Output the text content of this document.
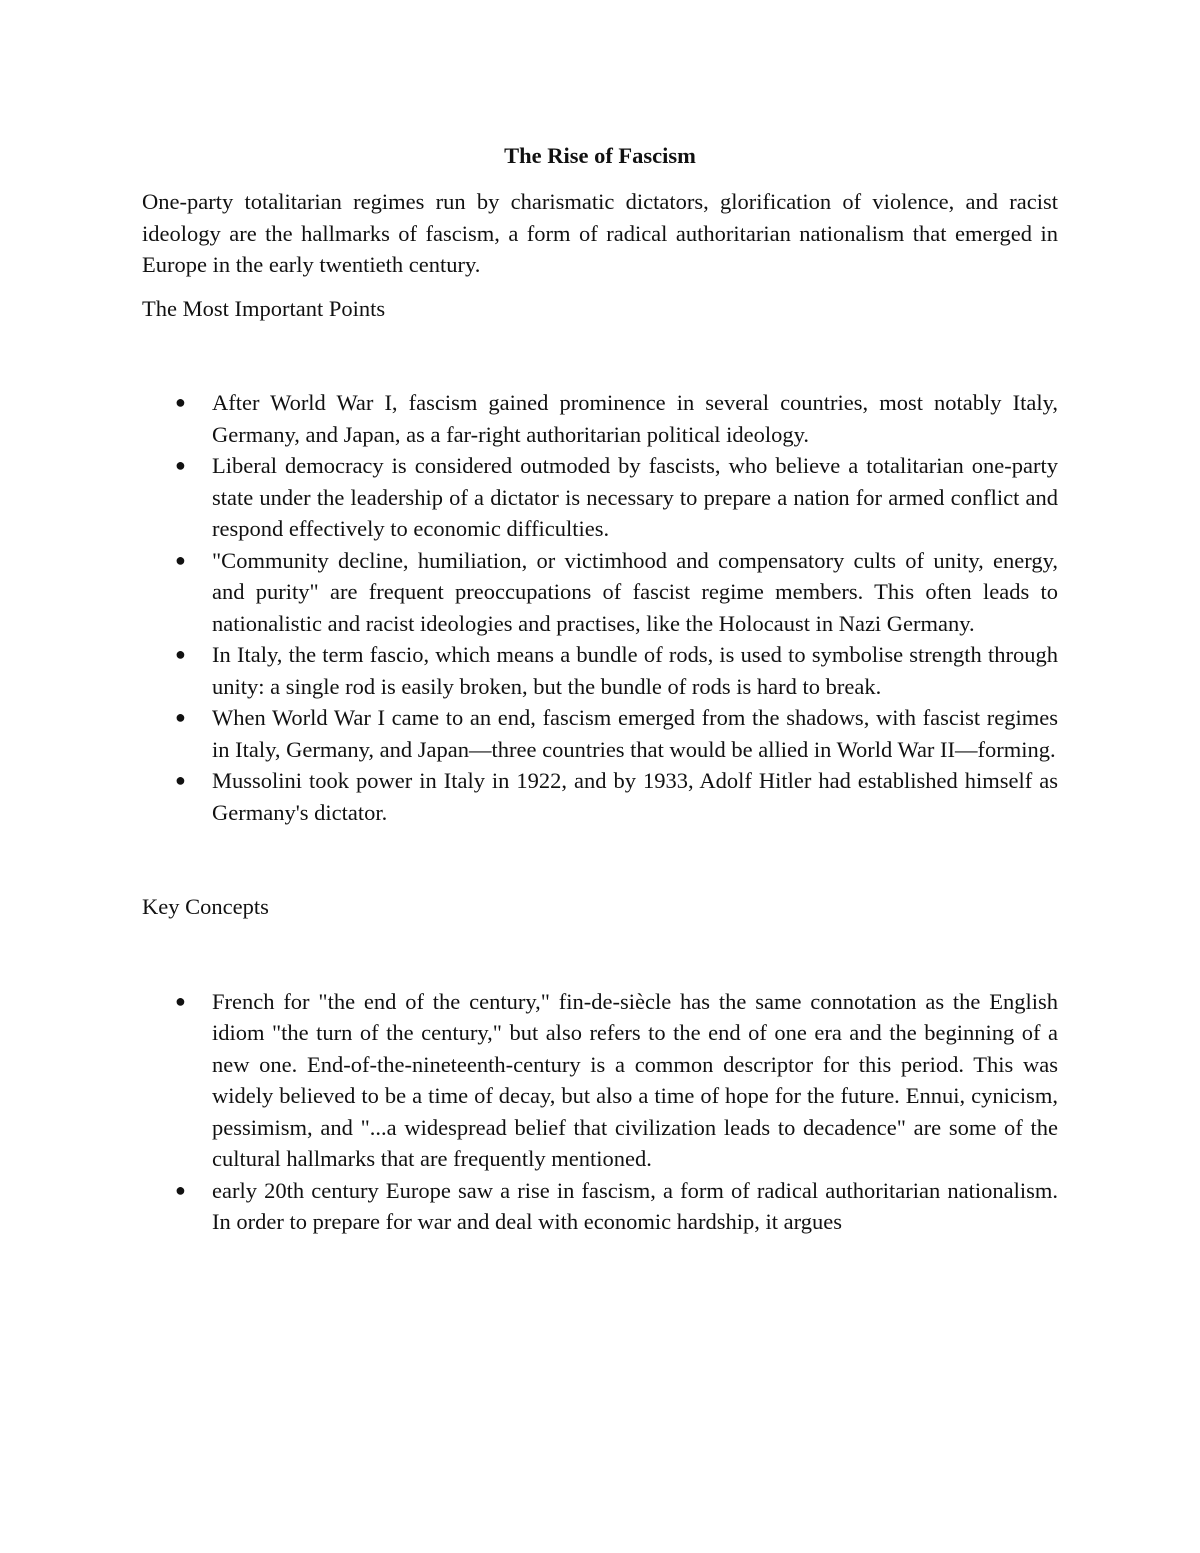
The Rise of Fascism

One-party totalitarian regimes run by charismatic dictators, glorification of violence, and racist ideology are the hallmarks of fascism, a form of radical authoritarian nationalism that emerged in Europe in the early twentieth century.

The Most Important Points

● After World War I, fascism gained prominence in several countries, most notably Italy, Germany, and Japan, as a far-right authoritarian political ideology.
● Liberal democracy is considered outmoded by fascists, who believe a totalitarian one-party state under the leadership of a dictator is necessary to prepare a nation for armed conflict and respond effectively to economic difficulties.
● "Community decline, humiliation, or victimhood and compensatory cults of unity, energy, and purity" are frequent preoccupations of fascist regime members. This often leads to nationalistic and racist ideologies and practises, like the Holocaust in Nazi Germany.
● In Italy, the term fascio, which means a bundle of rods, is used to symbolise strength through unity: a single rod is easily broken, but the bundle of rods is hard to break.
● When World War I came to an end, fascism emerged from the shadows, with fascist regimes in Italy, Germany, and Japan—three countries that would be allied in World War II—forming.
● Mussolini took power in Italy in 1922, and by 1933, Adolf Hitler had established himself as Germany's dictator.

Key Concepts

● French for "the end of the century," fin-de-siècle has the same connotation as the English idiom "the turn of the century," but also refers to the end of one era and the beginning of a new one. End-of-the-nineteenth-century is a common descriptor for this period. This was widely believed to be a time of decay, but also a time of hope for the future. Ennui, cynicism, pessimism, and "...a widespread belief that civilization leads to decadence" are some of the cultural hallmarks that are frequently mentioned.
● early 20th century Europe saw a rise in fascism, a form of radical authoritarian nationalism. In order to prepare for war and deal with economic hardship, it argues
